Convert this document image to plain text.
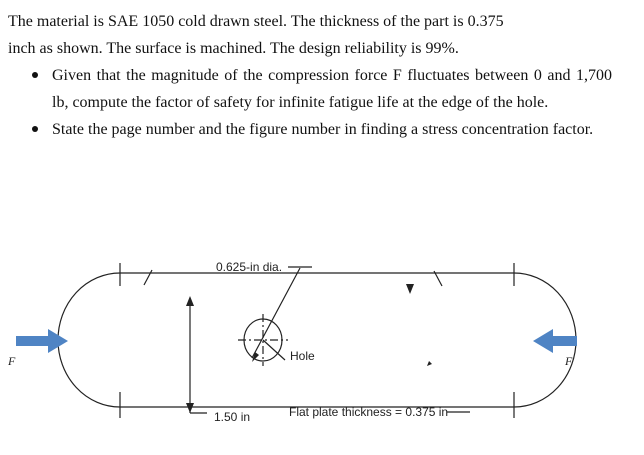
The material is SAE 1050 cold drawn steel. The thickness of the part is 0.375
inch as shown. The surface is machined. The design reliability is 99%.
Given that the magnitude of the compression force F fluctuates between 0 and 1,700 lb, compute the factor of safety for infinite fatigue life at the edge of the hole.
State the page number and the figure number in finding a stress concentration factor.
0.625-in dia.
Hole
1.50 in	Flat plate thickness = 0.375 in
F	F
